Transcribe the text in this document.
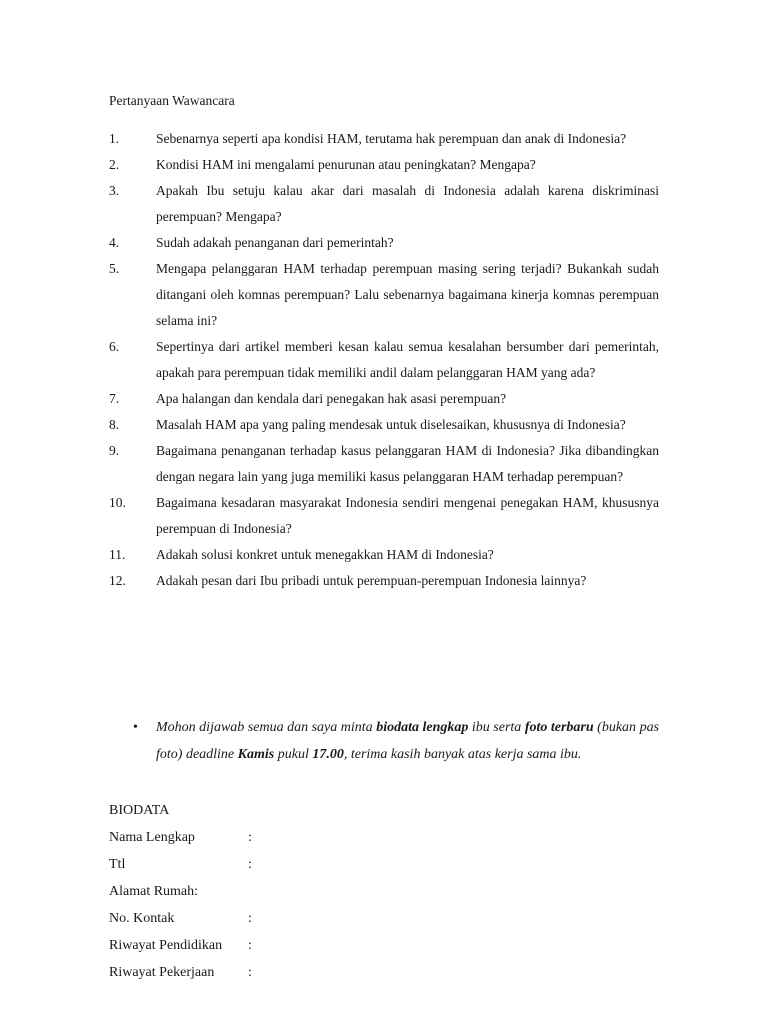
Pertanyaan Wawancara
1.	Sebenarnya seperti apa kondisi HAM, terutama hak perempuan dan anak di Indonesia?
2.	Kondisi HAM ini mengalami penurunan atau peningkatan? Mengapa?
3.	Apakah Ibu setuju kalau akar dari masalah di Indonesia adalah karena diskriminasi perempuan? Mengapa?
4.	Sudah adakah penanganan dari pemerintah?
5.	Mengapa pelanggaran HAM terhadap perempuan masing sering terjadi? Bukankah sudah ditangani oleh komnas perempuan? Lalu sebenarnya bagaimana kinerja komnas perempuan selama ini?
6.	Sepertinya dari artikel memberi kesan kalau semua kesalahan bersumber dari pemerintah, apakah para perempuan tidak memiliki andil dalam pelanggaran HAM yang ada?
7.	Apa halangan dan kendala dari penegakan hak asasi perempuan?
8.	Masalah HAM apa yang paling mendesak untuk diselesaikan, khususnya di Indonesia?
9.	Bagaimana penanganan terhadap kasus pelanggaran HAM di Indonesia? Jika dibandingkan dengan negara lain yang juga memiliki kasus pelanggaran HAM terhadap perempuan?
10.	Bagaimana kesadaran masyarakat Indonesia sendiri mengenai penegakan HAM, khususnya perempuan di Indonesia?
11.	Adakah solusi konkret untuk menegakkan HAM di Indonesia?
12.	Adakah pesan dari Ibu pribadi untuk perempuan-perempuan Indonesia lainnya?
•	Mohon dijawab semua dan saya minta biodata lengkap ibu serta foto terbaru (bukan pas foto) deadline Kamis pukul 17.00, terima kasih banyak atas kerja sama ibu.
BIODATA
Nama Lengkap	:
Ttl	:
Alamat Rumah:
No. Kontak	:
Riwayat Pendidikan :
Riwayat Pekerjaan :
